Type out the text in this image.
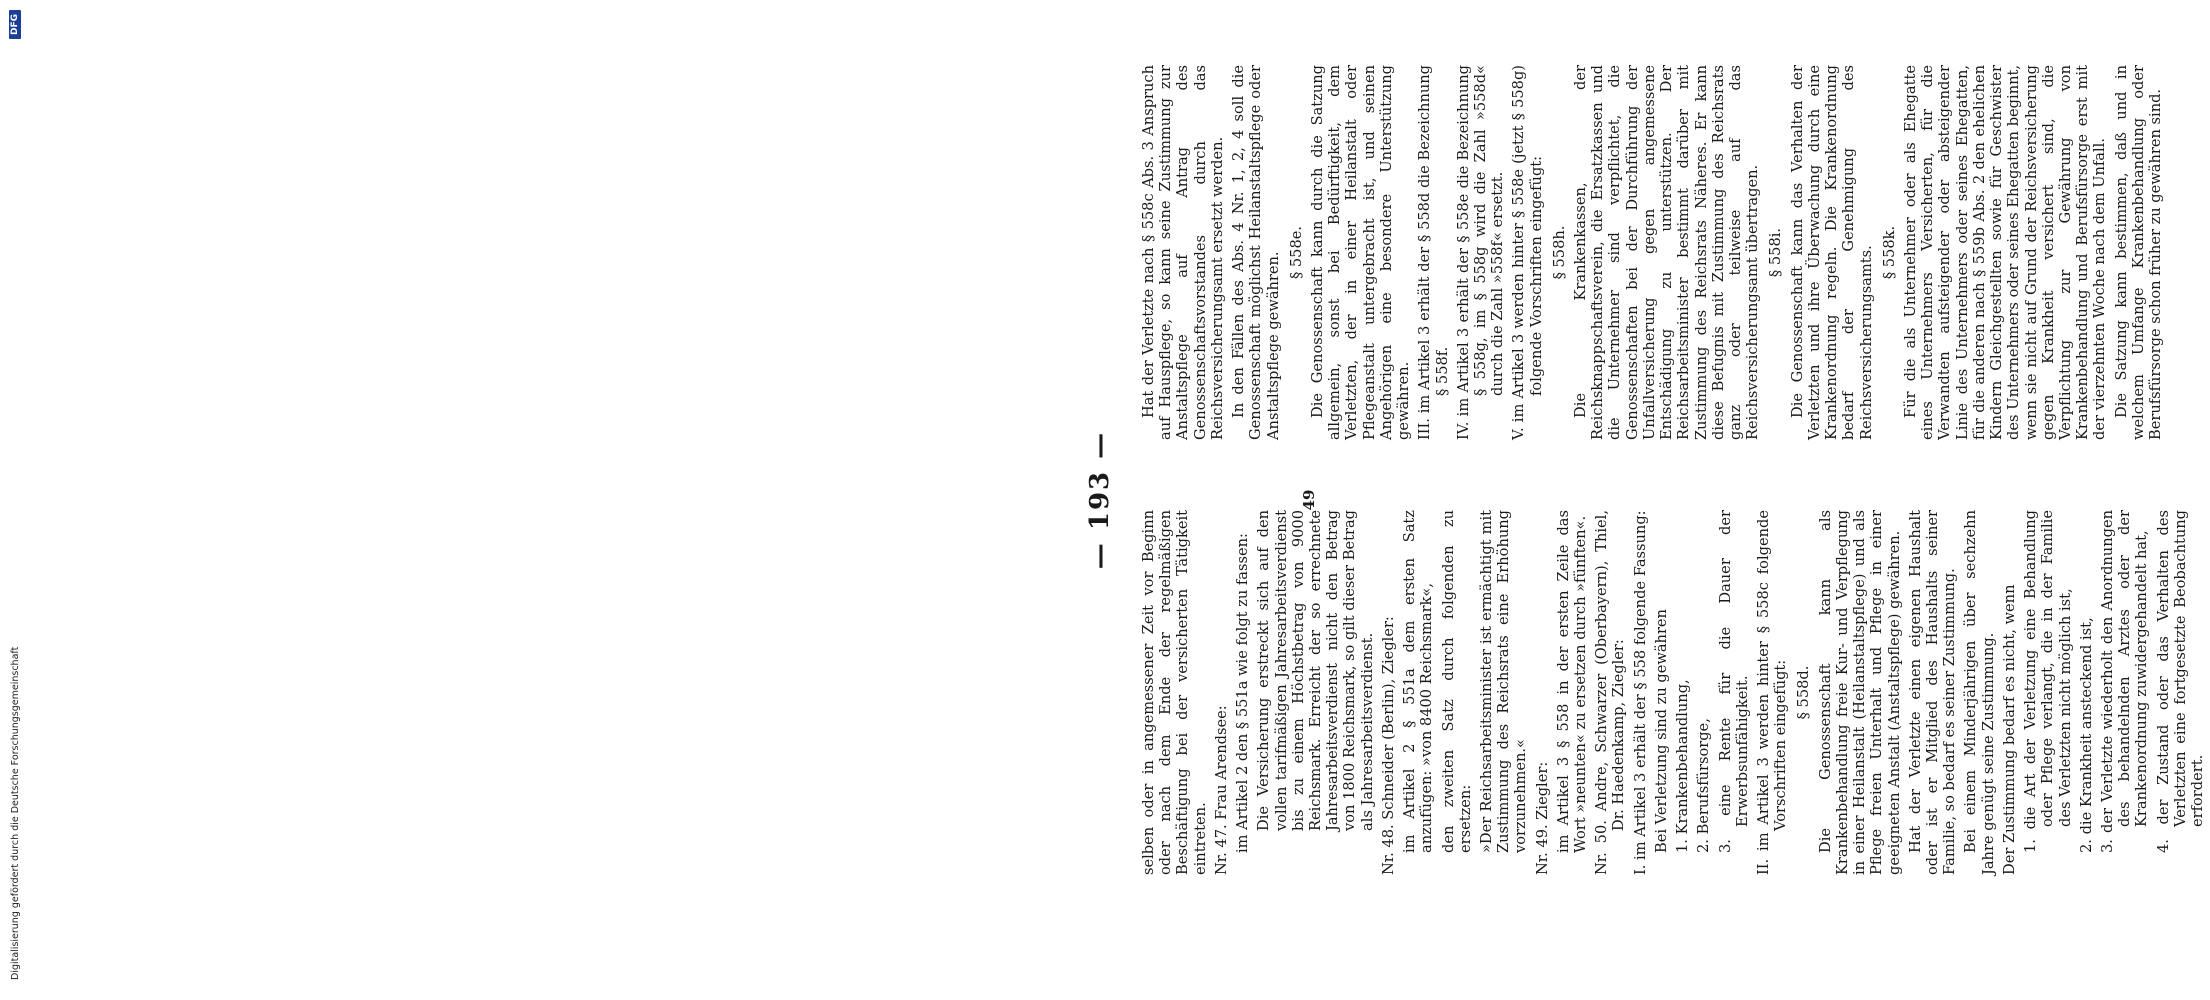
Digitalisierung gefördert durch die Deutsche Forschungsgemeinschaft
DFG
— 193 —

selben oder in angemessener Zeit vor Beginn oder nach dem Ende der regelmäßigen Beschäftigung bei der versicherten Tätigkeit eintreten. Nr. 47. Frau Arendsee: im Artikel 2 den § 551a wie folgt zu fassen: Die Versicherung erstreckt sich auf den vollen tarifmäßigen Jahresarbeitsverdienst bis zu einem Höchstbetrag von 9000 Reichsmark. Erreicht der so errechnete Jahresarbeitsverdienst nicht den Betrag von 1800 Reichsmark, so gilt dieser Betrag als Jahresarbeitsverdienst. Nr. 48. Schneider (Berlin), Ziegler: im Artikel 2 § 551a dem ersten Satz anzufügen: »von 8400 Reichsmark«, den zweiten Satz durch folgenden zu ersetzen: »Der Reichsarbeitsminister ist ermächtigt mit Zustimmung des Reichsrats eine Erhöhung vorzunehmen.« Nr. 49. Ziegler: im Artikel 3 § 558 in der ersten Zeile das Wort »neunten« zu ersetzen durch »fünften«. Nr. 50. Andre, Schwarzer (Oberbayern), Thiel, Dr. Haedenkamp, Ziegler: I. im Artikel 3 erhält der § 558 folgende Fassung: Bei Verletzung sind zu gewähren 1. Krankenbehandlung, 2. Berufsfürsorge, 3. eine Rente für die Dauer der Erwerbsunfähigkeit. II. im Artikel 3 werden hinter § 558c folgende Vorschriften eingefügt: § 558d. Die Genossenschaft kann als Krankenbehandlung freie Kur- und Verpflegung in einer Heilanstalt (Heilanstaltspflege) und als Pflege freien Unterhalt und Pflege in einer geeigneten Anstalt (Anstaltspflege) gewähren. Hat der Verletzte einen eigenen Haushalt oder ist er Mitglied des Haushalts seiner Familie, so bedarf es seiner Zustimmung. Bei einem Minderjährigen über sechzehn Jahre genügt seine Zustimmung. Der Zustimmung bedarf es nicht, wenn 1. die Art der Verletzung eine Behandlung oder Pflege verlangt, die in der Familie des Verletzten nicht möglich ist, 2. die Krankheit ansteckend ist, 3. der Verletzte wiederholt den Anordnungen des behandelnden Arztes oder der Krankenordnung zuwidergehandelt hat, 4. der Zustand oder das Verhalten des Verletzten eine fortgesetzte Beobachtung erfordert.

Hat der Verletzte nach § 558c Abs. 3 Anspruch auf Hauspflege, so kann seine Zustimmung zur Anstaltspflege auf Antrag des Genossenschaftsvorstandes durch das Reichsversicherungsamt ersetzt werden. In den Fällen des Abs. 4 Nr. 1, 2, 4 soll die Genossenschaft möglichst Heilanstaltspflege oder Anstaltspflege gewähren. § 558e. Die Genossenschaft kann durch die Satzung allgemein, sonst bei Bedürftigkeit, dem Verletzten, der in einer Heilanstalt oder Pflegeanstalt untergebracht ist, und seinen Angehörigen eine besondere Unterstützung gewähren. III. im Artikel 3 erhält der § 558d die Bezeichnung § 558f. IV. im Artikel 3 erhält der § 558e die Bezeichnung § 558g, im § 558g wird die Zahl »558d« durch die Zahl »558f« ersetzt. V. im Artikel 3 werden hinter § 558e (jetzt § 558g) folgende Vorschriften eingefügt: § 558h. Die Krankenkassen, der Reichsknappschaftsverein, die Ersatzkassen und die Unternehmer sind verpflichtet, die Genossenschaften bei der Durchführung der Unfallversicherung gegen angemessene Entschädigung zu unterstützen. Der Reichsarbeitsminister bestimmt darüber mit Zustimmung des Reichsrats Näheres. Er kann diese Befugnis mit Zustimmung des Reichsrats ganz oder teilweise auf das Reichsversicherungsamt übertragen. § 558i. Die Genossenschaft kann das Verhalten der Verletzten und ihre Überwachung durch eine Krankenordnung regeln. Die Krankenordnung bedarf der Genehmigung des Reichsversicherungsamts. § 558k. Für die als Unternehmer oder als Ehegatte eines Unternehmers Versicherten, für die Verwandten aufsteigender oder absteigender Linie des Unternehmers oder seines Ehegatten, für die anderen nach § 559b Abs. 2 den ehelichen Kindern Gleichgestellten sowie für Geschwister des Unternehmers oder seines Ehegatten beginnt, wenn sie nicht auf Grund der Reichsversicherung gegen Krankheit versichert sind, die Verpflichtung zur Gewährung von Krankenbehandlung und Berufsfürsorge erst mit der vierzehnten Woche nach dem Unfall. Die Satzung kann bestimmen, daß und in welchem Umfange Krankenbehandlung oder Berufsfürsorge schon früher zu gewähren sind.

49
